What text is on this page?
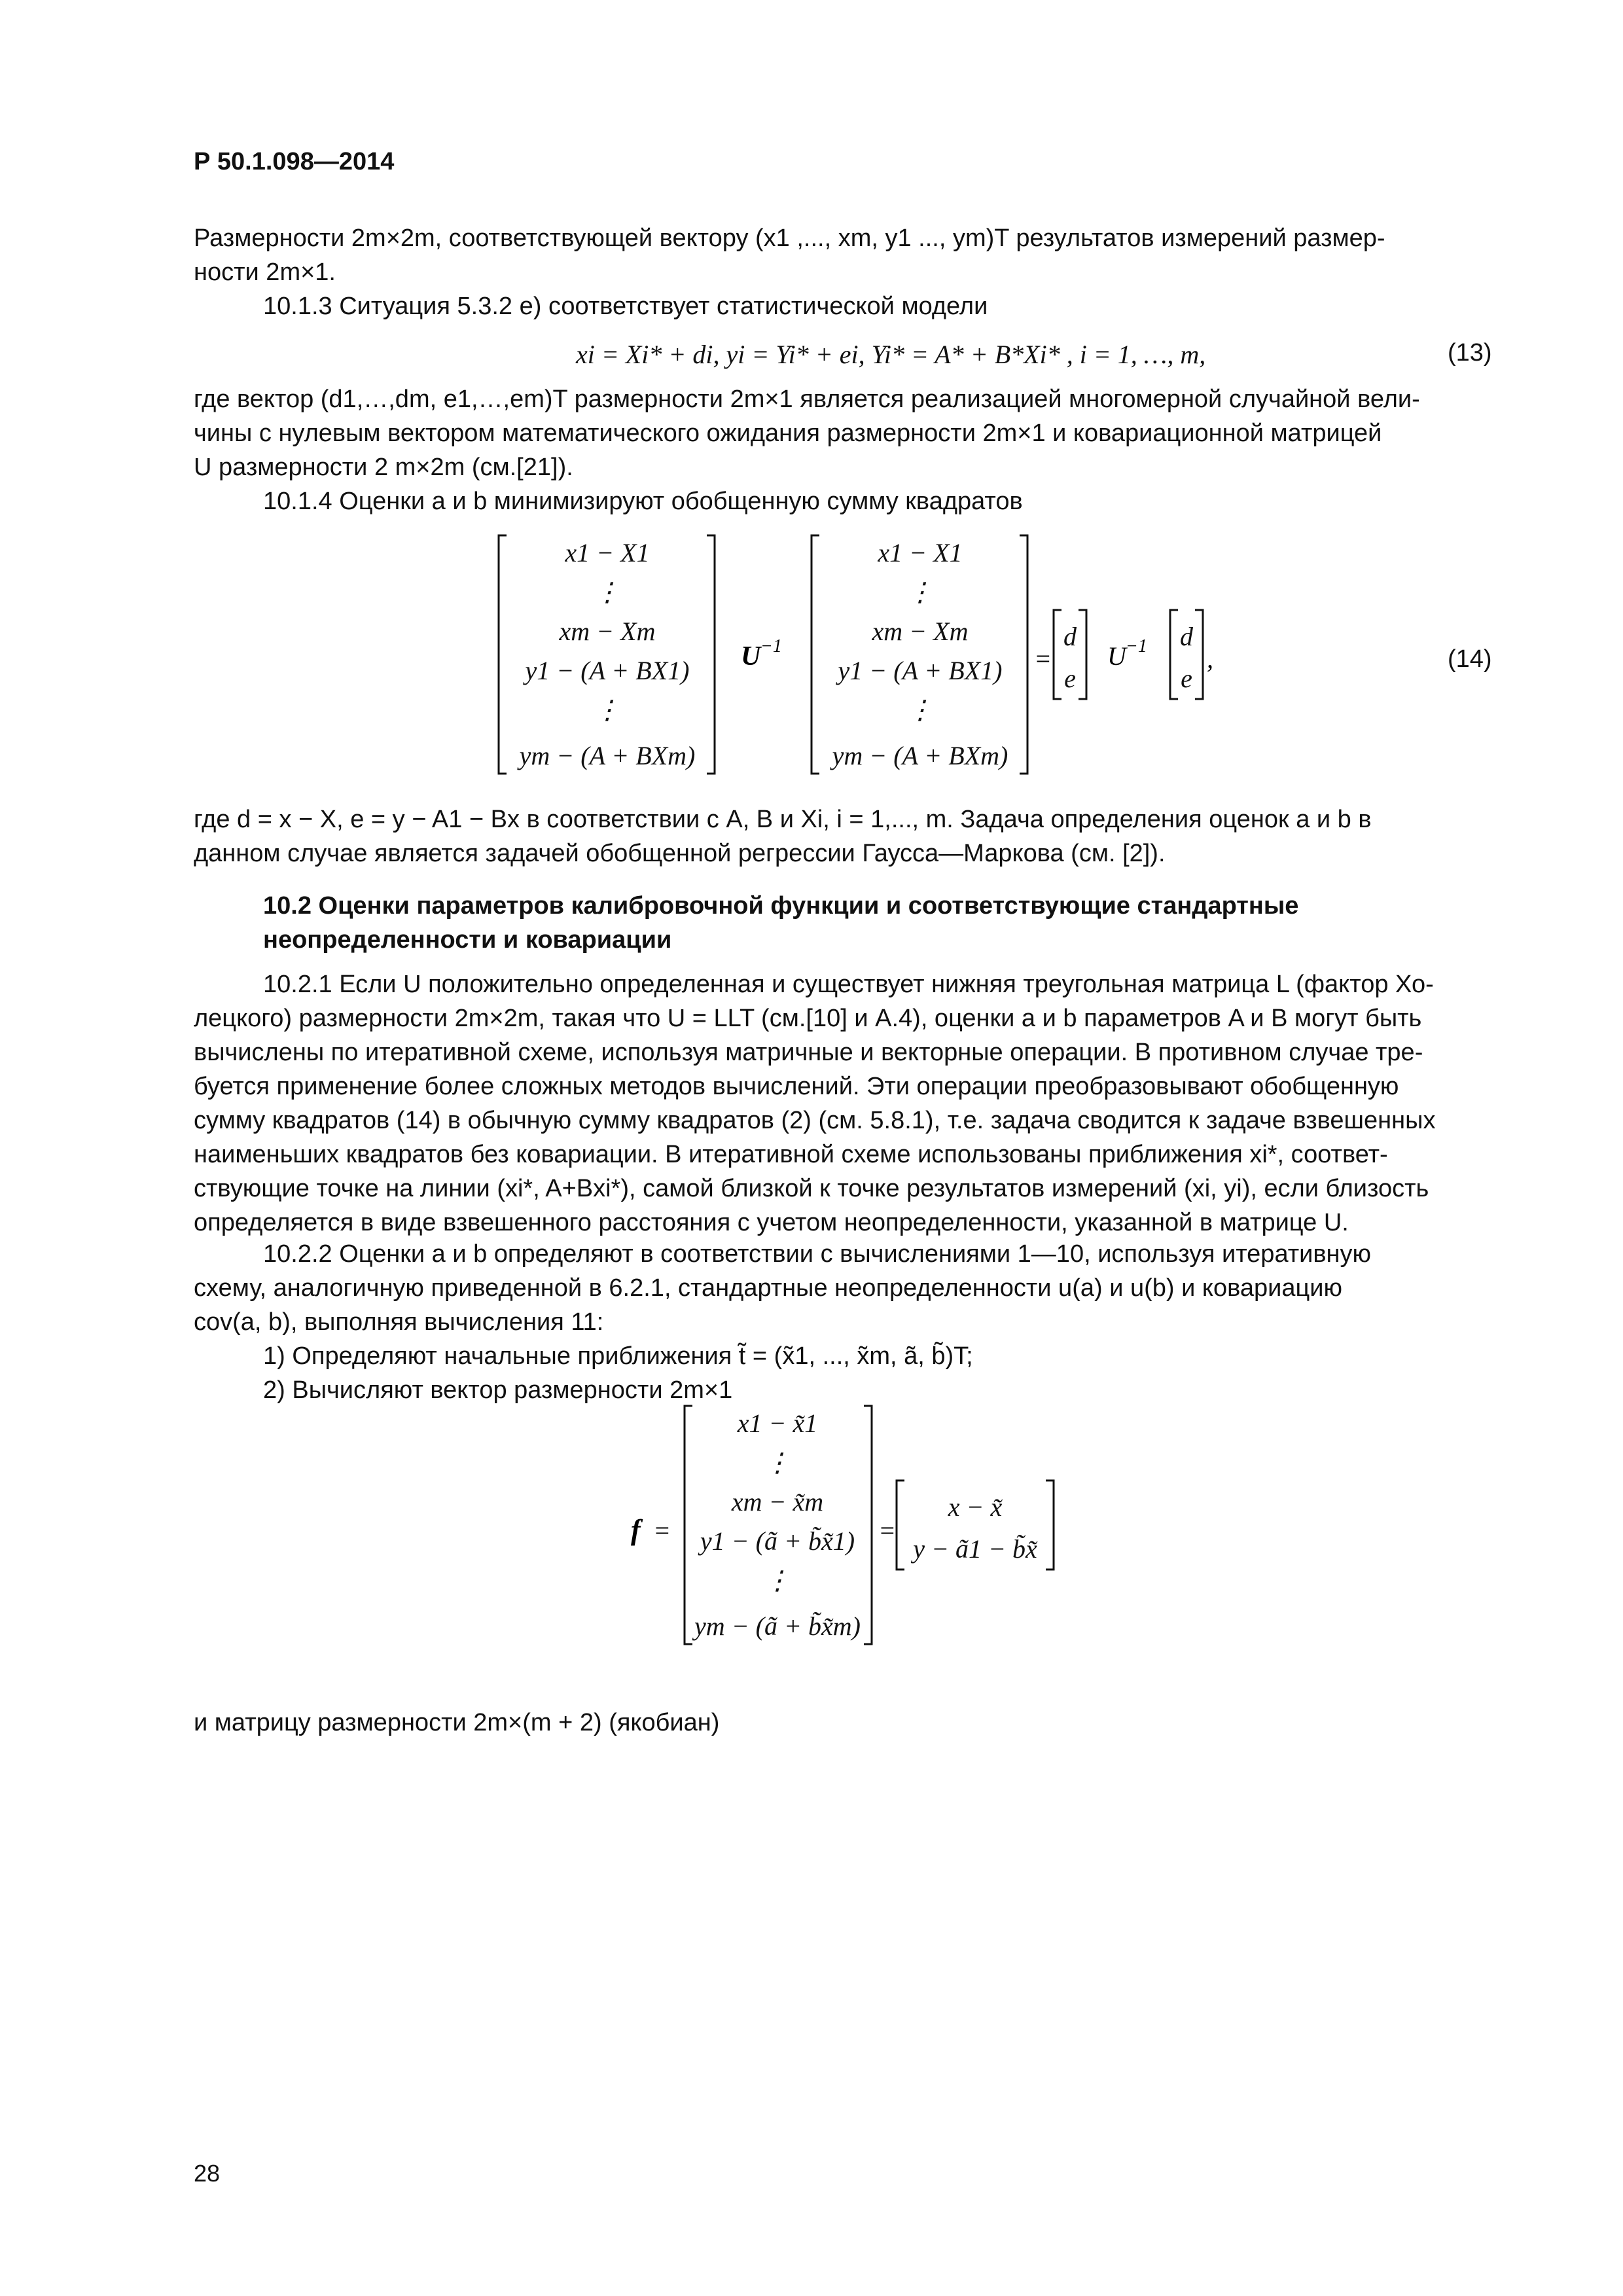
Р 50.1.098—2014

Размерности 2m×2m, соответствующей вектору (x1 ,..., xm, y1 ..., ym)T результатов измерений размер-

ности 2m×1.

10.1.3 Ситуация 5.3.2 е) соответствует статистической модели

xi = Xi* + di, yi = Yi* + ei, Yi* = A* + B*Xi* , i = 1, …, m,	(13)

где вектор (d1,…,dm, e1,…,em)T размерности 2m×1 является реализацией многомерной случайной вели-

чины с нулевым вектором математического ожидания размерности 2m×1 и ковариационной матрицей

U размерности 2 m×2m (см.[21]).

10.1.4 Оценки a и b минимизируют обобщенную сумму квадратов

x1 − X1
⋮
xm − Xm
y1 − (A + BX1)
⋮
ym − (A + BXm)
x1 − X1
⋮
xm − Xm
y1 − (A + BX1)
⋮
ym − (A + BXm)
d
e
d
e
U −1	= U −1 ,	(14)

где d = x − X, e = y − A1 − Bx в соответствии с A, B и Xi, i = 1,..., m. Задача определения оценок a и b в

данном случае является задачей обобщенной регрессии Гаусса—Маркова (см. [2]).

10.2 Оценки параметров калибровочной функции и соответствующие стандартные
неопределенности и ковариации

10.2.1 Если U положительно определенная и существует нижняя треугольная матрица L (фактор Хо-

лецкого) размерности 2m×2m, такая что U = LLT (см.[10] и А.4), оценки a и b параметров A и B могут быть

вычислены по итеративной схеме, используя матричные и векторные операции. В противном случае тре-

буется применение более сложных методов вычислений. Эти операции преобразовывают обобщенную

сумму квадратов (14) в обычную сумму квадратов (2) (см. 5.8.1), т.е. задача сводится к задаче взвешенных

наименьших квадратов без ковариации. В итеративной схеме использованы приближения xi*, соответ-

ствующие точке на линии (xi*, A+Bxi*), самой близкой к точке результатов измерений (xi, yi), если близость

определяется в виде взвешенного расстояния с учетом неопределенности, указанной в матрице U.

10.2.2 Оценки a и b определяют в соответствии с вычислениями 1—10, используя итеративную

схему, аналогичную приведенной в 6.2.1, стандартные неопределенности u(a) и u(b) и ковариацию

cov(a, b), выполняя вычисления 11:

1) Определяют начальные приближения t̃ = (x̃1, ..., x̃m, ã, b̃)T;

2) Вычисляют вектор размерности 2m×1

f =
x1 − x̃1
⋮
xm − x̃m
y1 − (ã + b̃x̃1)
⋮
ym − (ã + b̃x̃m)
x − x̃
y − ã1 − b̃x̃
=

и матрицу размерности 2m×(m + 2) (якобиан)

28
